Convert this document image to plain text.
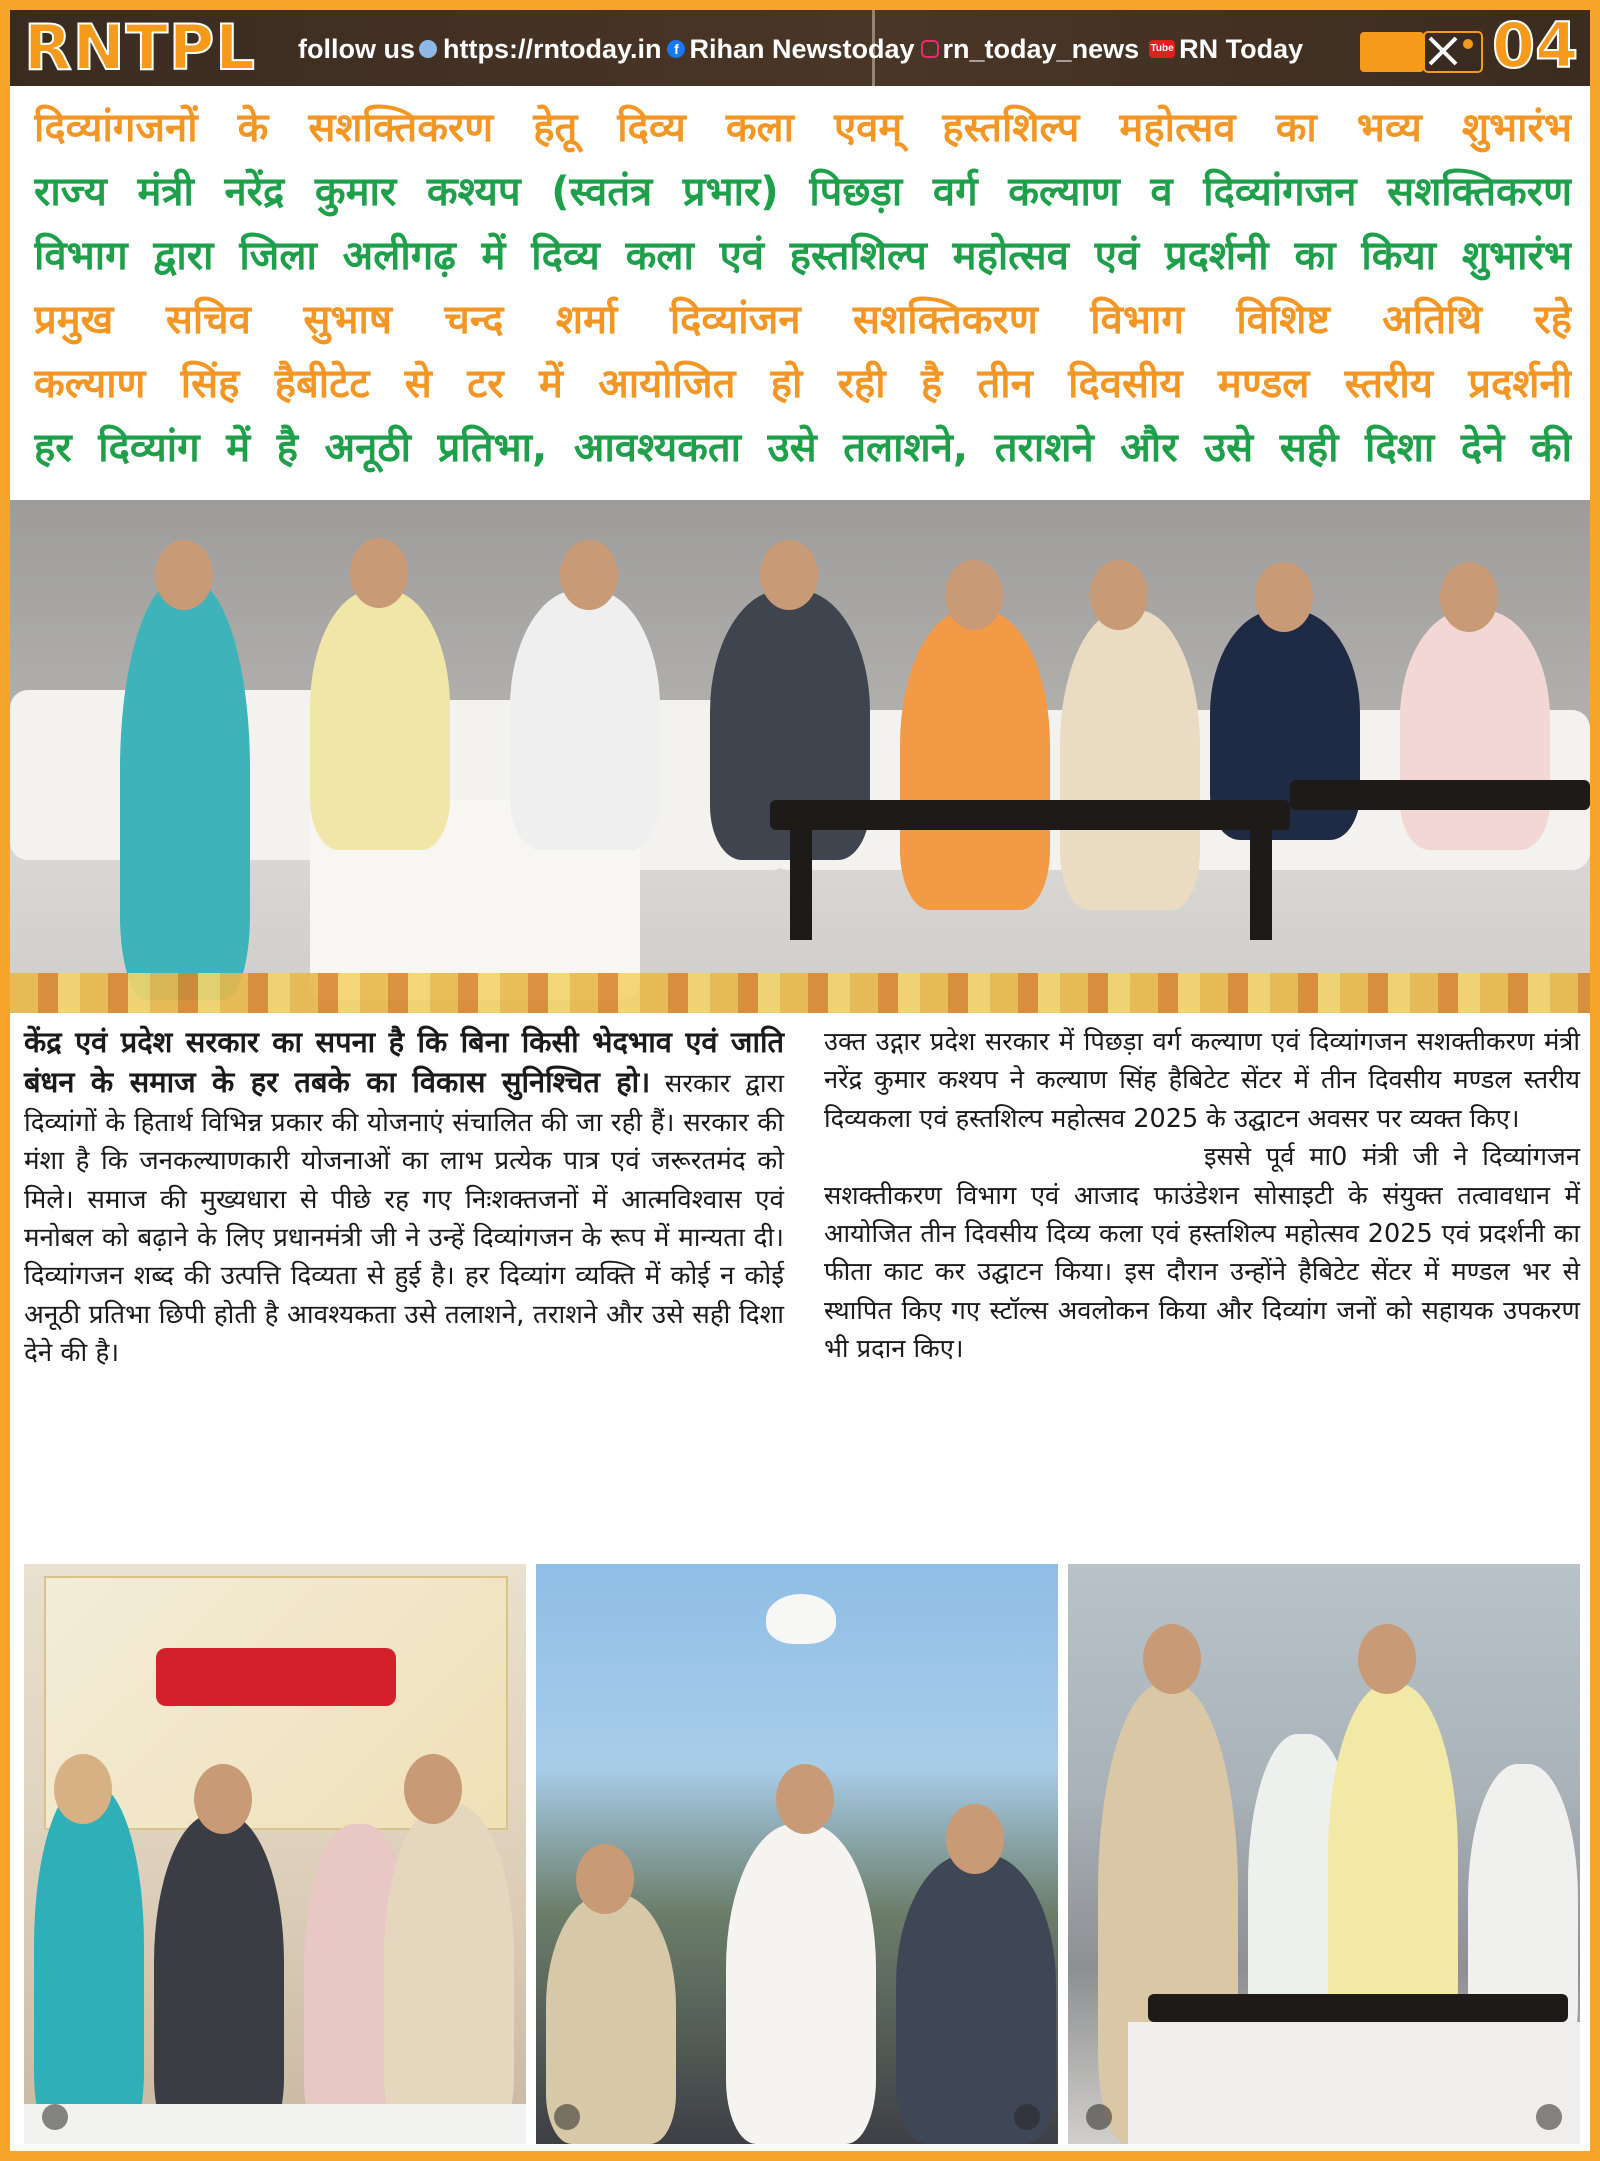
RNTPL follow us https://rntoday.in f Rihan Newstoday rn_today_news Tube RN Today	04
दिव्यांगजनों के सशक्तिकरण हेतू दिव्य कला एवम् हस्तशिल्प महोत्सव का भव्य शुभारंभ
राज्य मंत्री नरेंद्र कुमार कश्यप (स्वतंत्र प्रभार) पिछड़ा वर्ग कल्याण व दिव्यांगजन सशक्तिकरण
विभाग द्वारा जिला अलीगढ़ में दिव्य कला एवं हस्तशिल्प महोत्सव एवं प्रदर्शनी का किया शुभारंभ
प्रमुख सचिव सुभाष चन्द शर्मा दिव्यांजन सशक्तिकरण विभाग विशिष्ट अतिथि रहे
कल्याण सिंह हैबीटेट से टर में आयोजित हो रही है तीन दिवसीय मण्डल स्तरीय प्रदर्शनी
हर दिव्यांग में है अनूठी प्रतिभा, आवश्यकता उसे तलाशने, तराशने और उसे सही दिशा देने की

केंद्र एवं प्रदेश सरकार का सपना है कि बिना किसी भेदभाव एवं जाति बंधन के समाज के हर तबके का विकास सुनिश्चित हो। सरकार द्वारा दिव्यांगों के हितार्थ विभिन्न प्रकार की योजनाएं संचालित की जा रही हैं। सरकार की मंशा है कि जनकल्याणकारी योजनाओं का लाभ प्रत्येक पात्र एवं जरूरतमंद को मिले। समाज की मुख्यधारा से पीछे रह गए निःशक्तजनों में आत्मविश्वास एवं मनोबल को बढ़ाने के लिए प्रधानमंत्री जी ने उन्हें दिव्यांगजन के रूप में मान्यता दी। दिव्यांगजन शब्द की उत्पत्ति दिव्यता से हुई है। हर दिव्यांग व्यक्ति में कोई न कोई अनूठी प्रतिभा छिपी होती है आवश्यकता उसे तलाशने, तराशने और उसे सही दिशा देने की है।

उक्त उद्गार प्रदेश सरकार में पिछड़ा वर्ग कल्याण एवं दिव्यांगजन सशक्तीकरण मंत्री नरेंद्र कुमार कश्यप ने कल्याण सिंह हैबिटेट सेंटर में तीन दिवसीय मण्डल स्तरीय दिव्यकला एवं हस्तशिल्प महोत्सव 2025 के उद्घाटन अवसर पर व्यक्त किए।

इससे पूर्व मा0 मंत्री जी ने दिव्यांगजन सशक्तीकरण विभाग एवं आजाद फाउंडेशन सोसाइटी के संयुक्त तत्वावधान में आयोजित तीन दिवसीय दिव्य कला एवं हस्तशिल्प महोत्सव 2025 एवं प्रदर्शनी का फीता काट कर उद्घाटन किया। इस दौरान उन्होंने हैबिटेट सेंटर में मण्डल भर से स्थापित किए गए स्टॉल्स अवलोकन किया और दिव्यांग जनों को सहायक उपकरण भी प्रदान किए।
